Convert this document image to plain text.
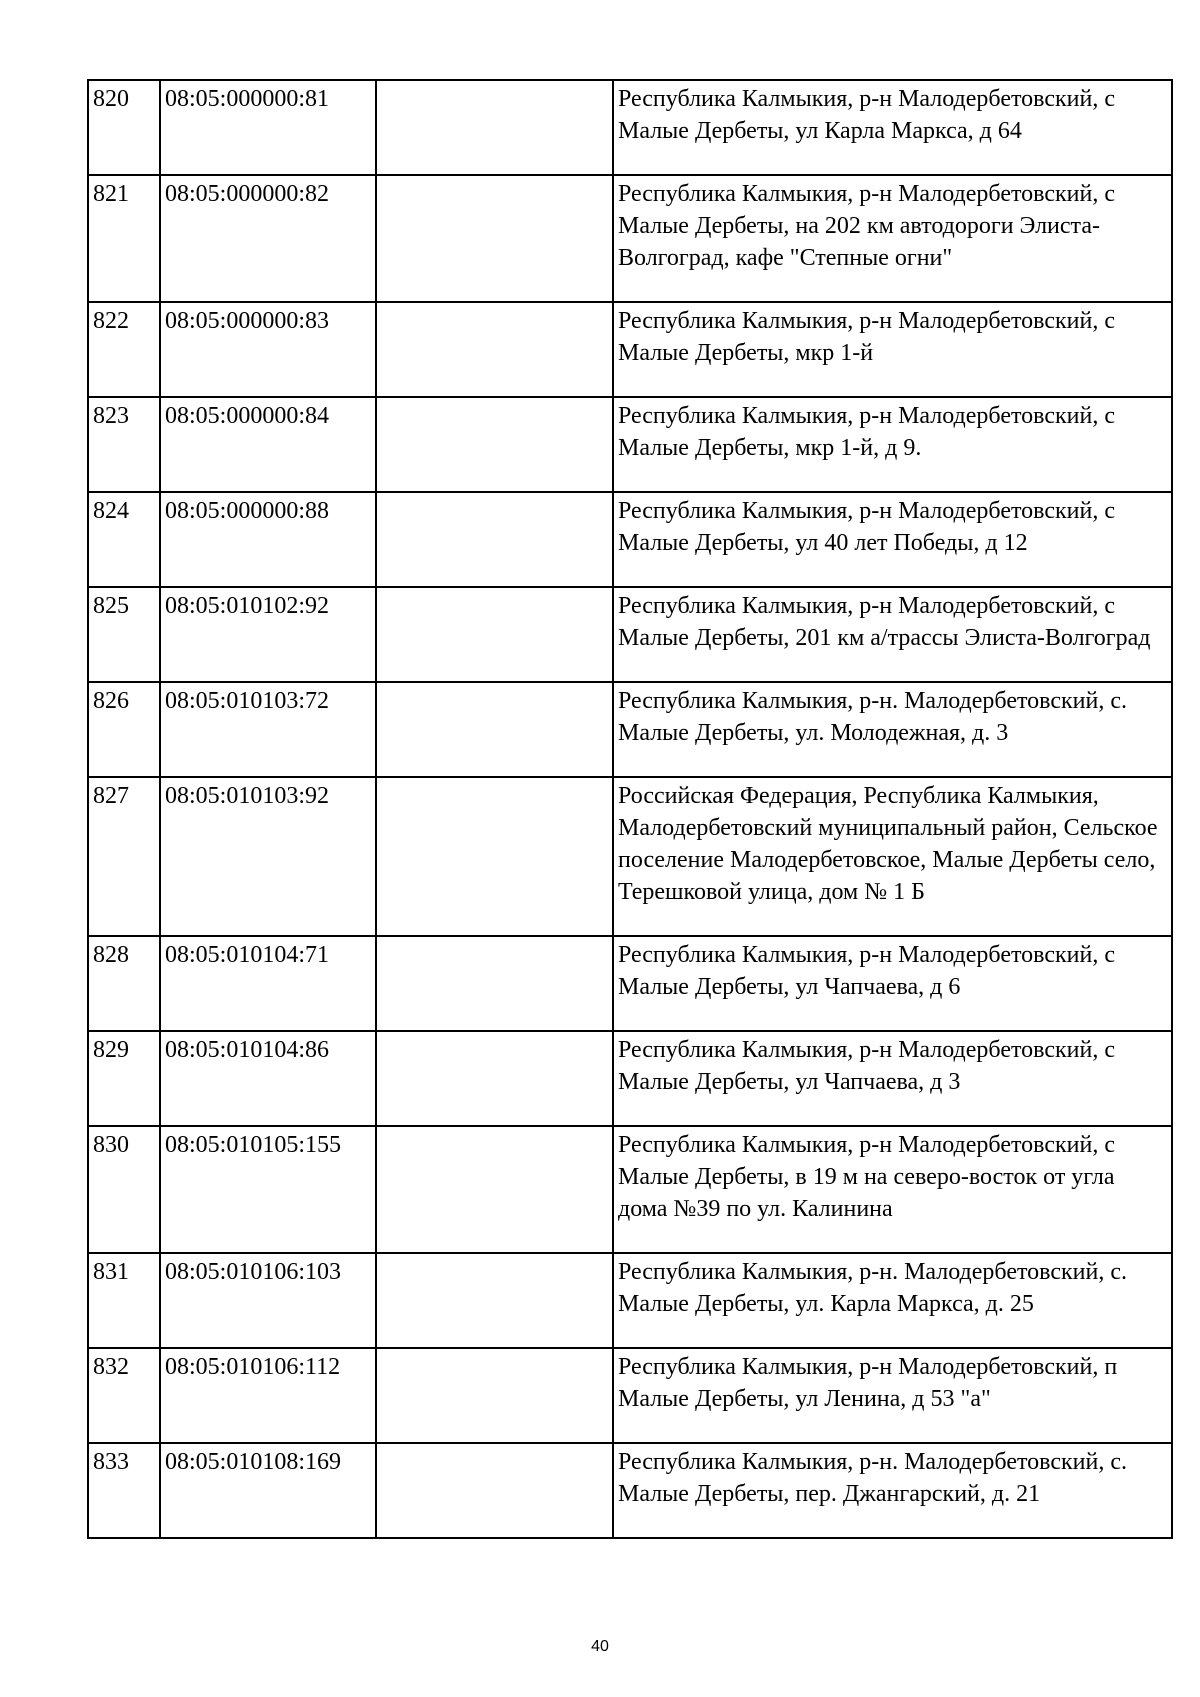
820	08:05:000000:81		Республика Калмыкия, р-н Малодербетовский, с Малые Дербеты, ул Карла Маркса, д 64
821	08:05:000000:82		Республика Калмыкия, р-н Малодербетовский, с Малые Дербеты, на 202 км автодороги Элиста-Волгоград, кафе "Степные огни"
822	08:05:000000:83		Республика Калмыкия, р-н Малодербетовский, с Малые Дербеты, мкр 1-й
823	08:05:000000:84		Республика Калмыкия, р-н Малодербетовский, с Малые Дербеты, мкр 1-й, д 9.
824	08:05:000000:88		Республика Калмыкия, р-н Малодербетовский, с Малые Дербеты, ул 40 лет Победы, д 12
825	08:05:010102:92		Республика Калмыкия, р-н Малодербетовский, с Малые Дербеты, 201 км а/трассы Элиста-Волгоград
826	08:05:010103:72		Республика Калмыкия, р-н. Малодербетовский, с. Малые Дербеты, ул. Молодежная, д. 3
827	08:05:010103:92		Российская Федерация, Республика Калмыкия, Малодербетовский муниципальный район, Сельское поселение Малодербетовское, Малые Дербеты село, Терешковой улица, дом № 1 Б
828	08:05:010104:71		Республика Калмыкия, р-н Малодербетовский, с Малые Дербеты, ул Чапчаева, д 6
829	08:05:010104:86		Республика Калмыкия, р-н Малодербетовский, с Малые Дербеты, ул Чапчаева, д 3
830	08:05:010105:155		Республика Калмыкия, р-н Малодербетовский, с Малые Дербеты, в 19 м на северо-восток от угла дома №39 по ул. Калинина
831	08:05:010106:103		Республика Калмыкия, р-н. Малодербетовский, с. Малые Дербеты, ул. Карла Маркса, д. 25
832	08:05:010106:112		Республика Калмыкия, р-н Малодербетовский, п Малые Дербеты, ул Ленина, д 53 "а"
833	08:05:010108:169		Республика Калмыкия, р-н. Малодербетовский, с. Малые Дербеты, пер. Джангарский, д. 21
40
